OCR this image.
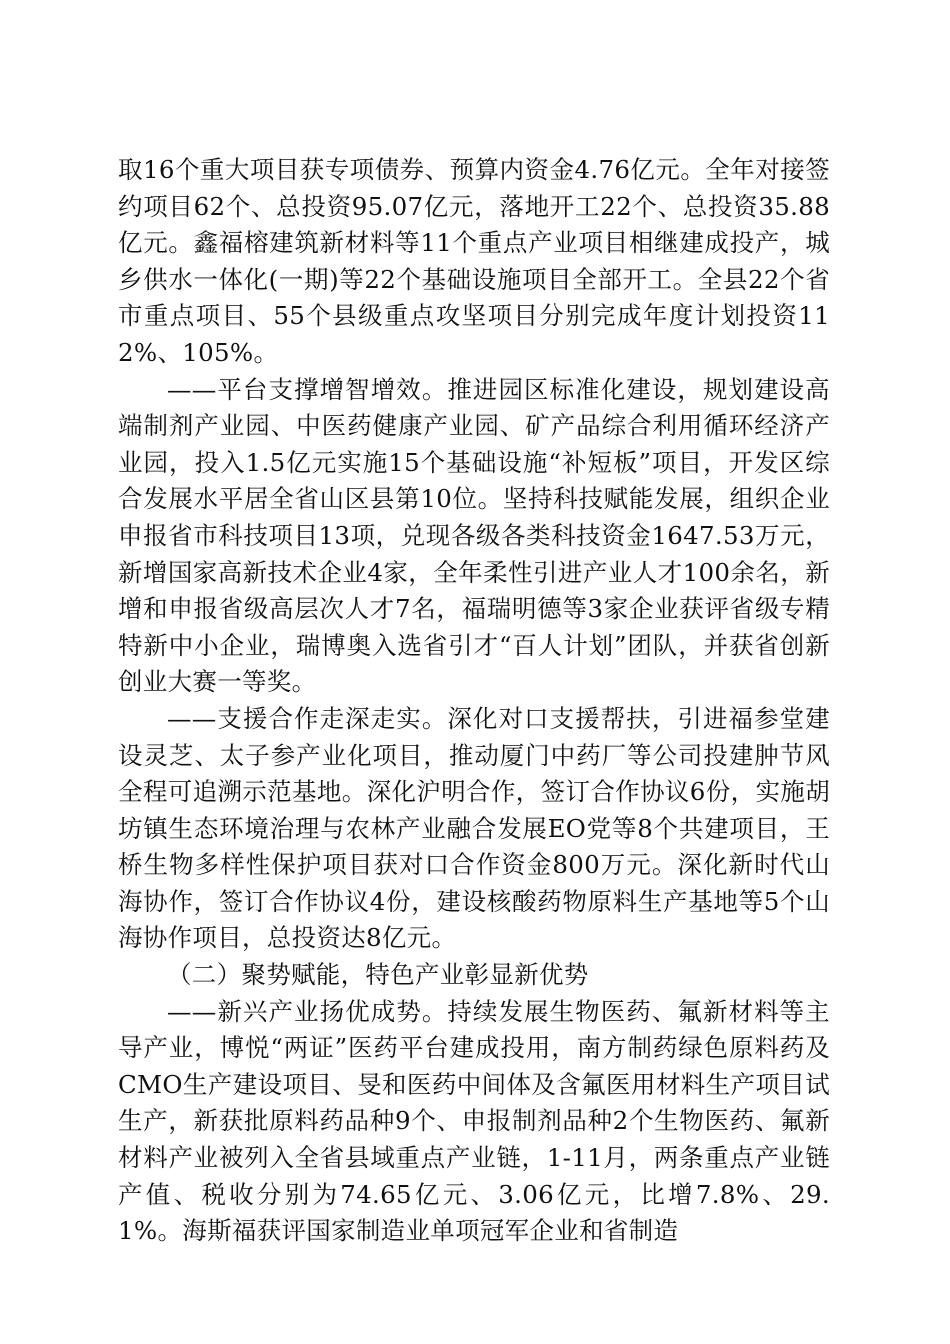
取16个重大项目获专项债券、预算内资金4.76亿元。全年对接签约项目62个、总投资95.07亿元，落地开工22个、总投资35.88亿元。鑫福榕建筑新材料等11个重点产业项目相继建成投产，城乡供水一体化(一期)等22个基础设施项目全部开工。全县22个省市重点项目、55个县级重点攻坚项目分别完成年度计划投资112%、105%。

——平台支撑增智增效。推进园区标准化建设，规划建设高端制剂产业园、中医药健康产业园、矿产品综合利用循环经济产业园，投入1.5亿元实施15个基础设施“补短板”项目，开发区综合发展水平居全省山区县第10位。坚持科技赋能发展，组织企业申报省市科技项目13项，兑现各级各类科技资金1647.53万元，新增国家高新技术企业4家，全年柔性引进产业人才100余名，新增和申报省级高层次人才7名，福瑞明德等3家企业获评省级专精特新中小企业，瑞博奥入选省引才“百人计划”团队，并获省创新创业大赛一等奖。

——支援合作走深走实。深化对口支援帮扶，引进福参堂建设灵芝、太子参产业化项目，推动厦门中药厂等公司投建肿节风全程可追溯示范基地。深化沪明合作，签订合作协议6份，实施胡坊镇生态环境治理与农林产业融合发展EO党等8个共建项目，王桥生物多样性保护项目获对口合作资金800万元。深化新时代山海协作，签订合作协议4份，建设核酸药物原料生产基地等5个山海协作项目，总投资达8亿元。

（二）聚势赋能，特色产业彰显新优势

——新兴产业扬优成势。持续发展生物医药、氟新材料等主导产业，博悦“两证”医药平台建成投用，南方制药绿色原料药及CMO生产建设项目、旻和医药中间体及含氟医用材料生产项目试生产，新获批原料药品种9个、申报制剂品种2个生物医药、氟新材料产业被列入全省县域重点产业链，1-11月，两条重点产业链产值、税收分别为74.65亿元、3.06亿元，比增7.8%、29.1%。海斯福获评国家制造业单项冠军企业和省制造
